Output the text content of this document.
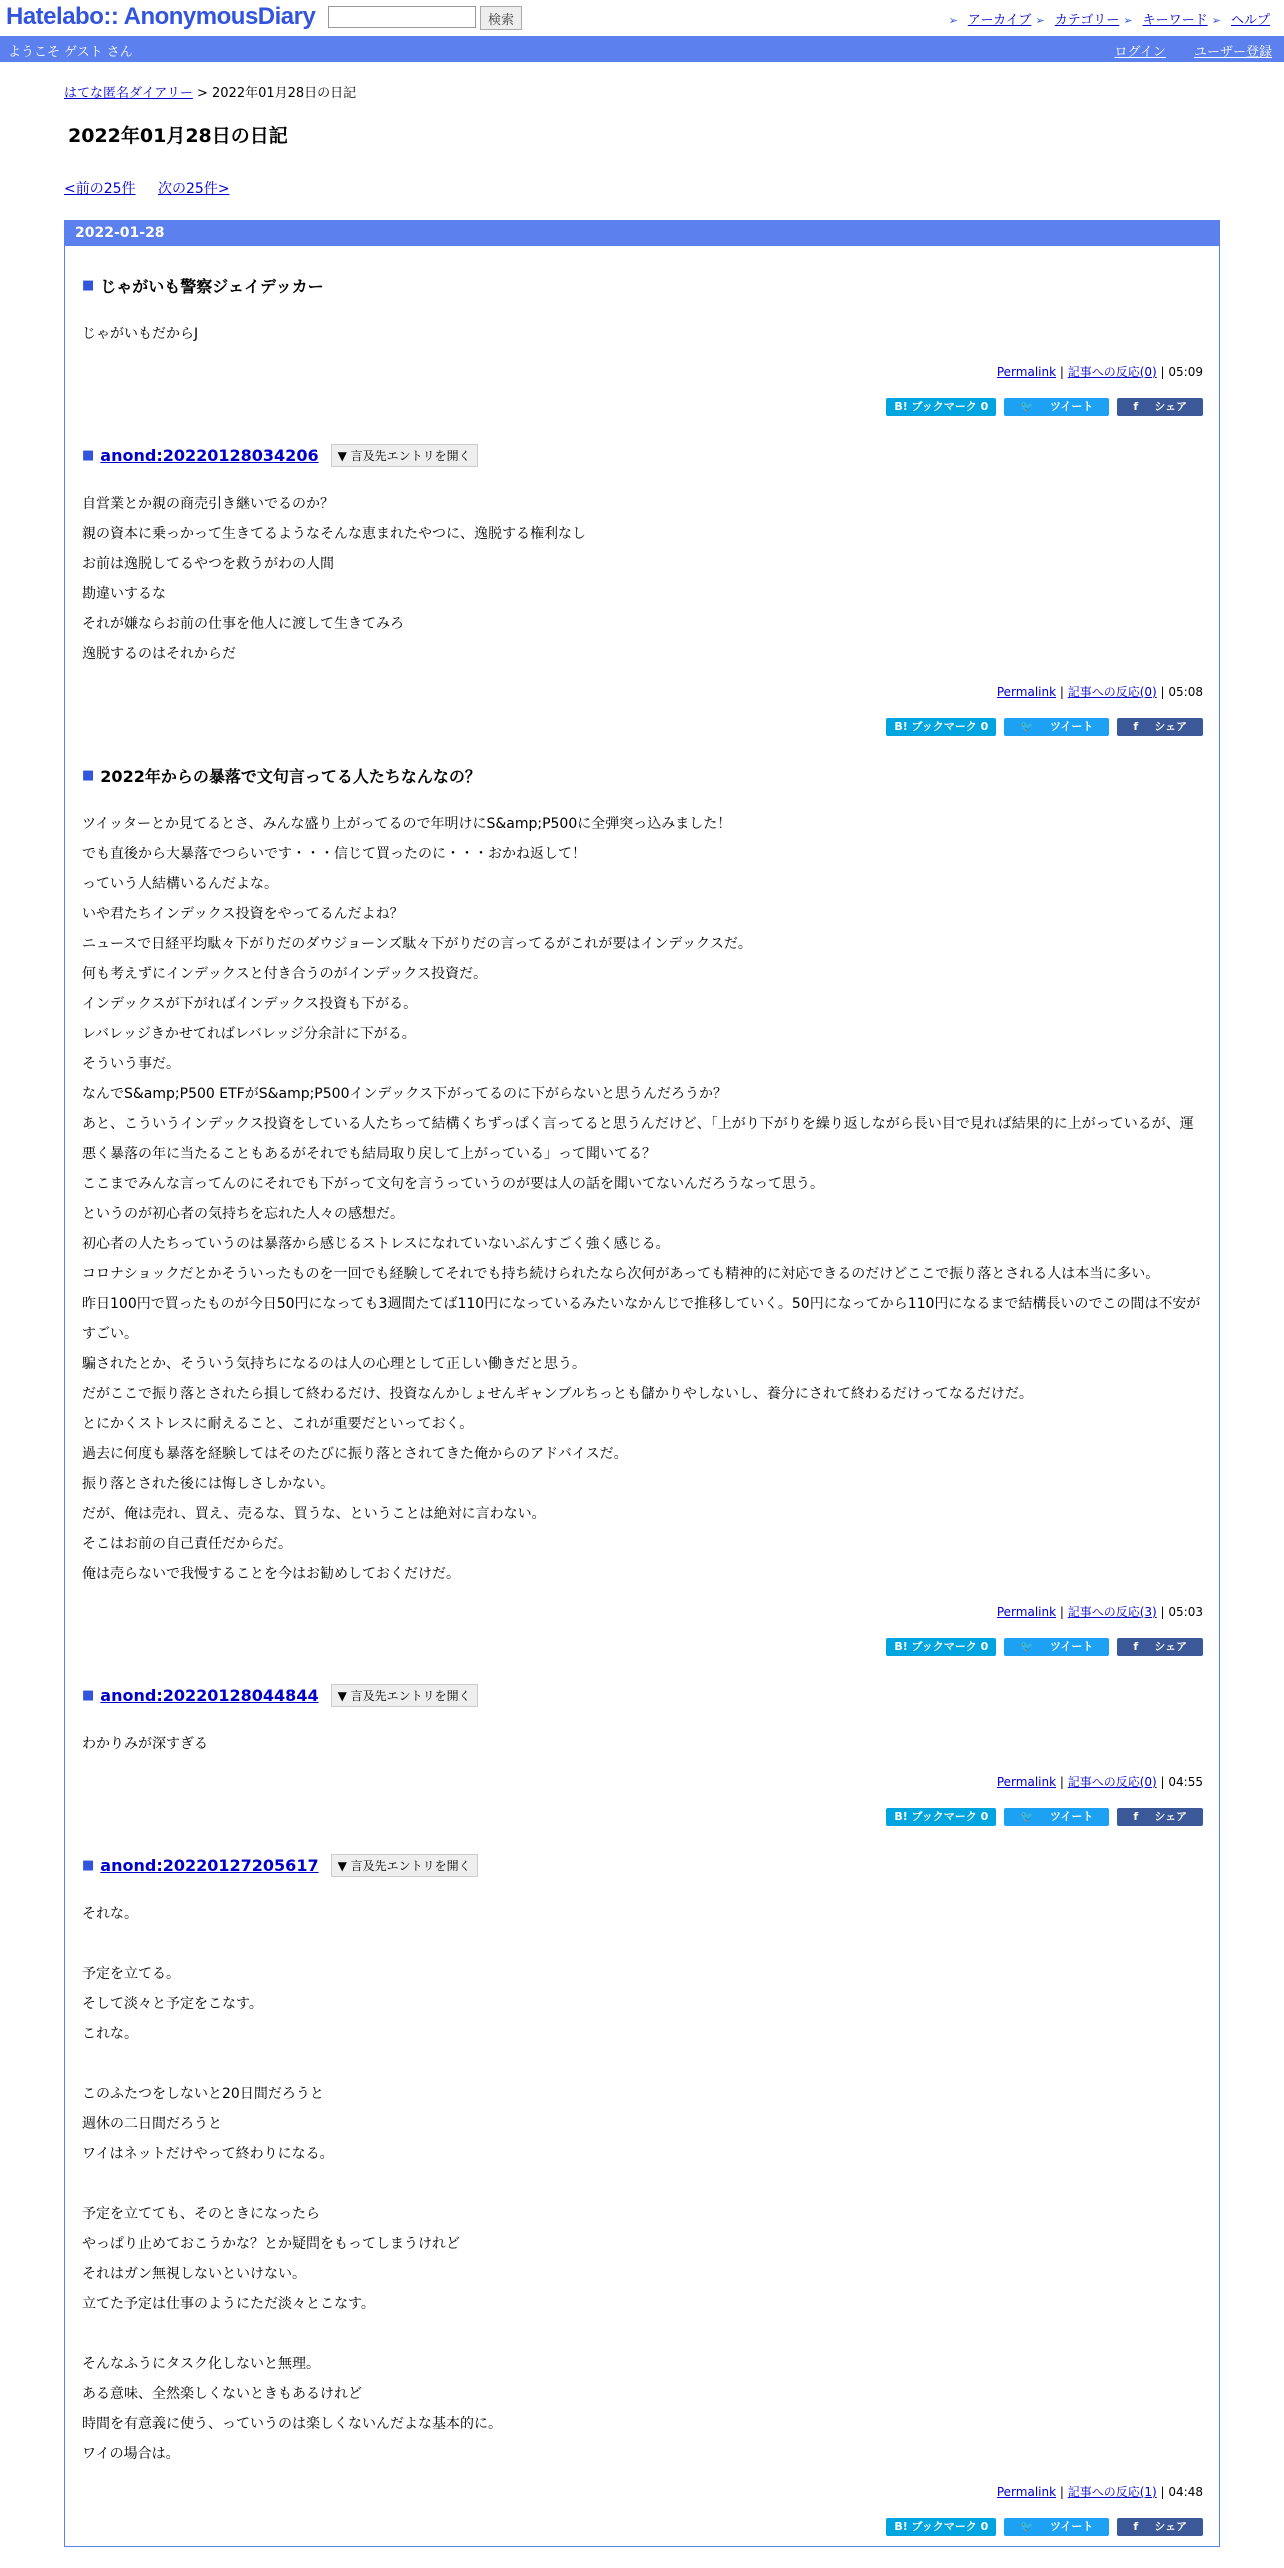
Hatelabo:: AnonymousDiary	検索	➢ アーカイブ ➢ カテゴリー ➢ キーワード ➢ ヘルプ
ようこそ ゲスト さん	ログイン ユーザー登録
はてな匿名ダイアリー > 2022年01月28日の日記
2022年01月28日の日記
<前の25件 次の25件>
2022-01-28
■ じゃがいも警察ジェイデッカー

じゃがいもだからJ

Permalink | 記事への反応(0) | 05:09
B! ブックマーク 0	🐦ツイート	fシェア
■ anond:20220128034206	▼ 言及先エントリを開く

自営業とか親の商売引き継いでるのか？

親の資本に乗っかって生きてるようなそんな恵まれたやつに、逸脱する権利なし

お前は逸脱してるやつを救うがわの人間

勘違いするな

それが嫌ならお前の仕事を他人に渡して生きてみろ

逸脱するのはそれからだ

Permalink | 記事への反応(0) | 05:08
B! ブックマーク 0	🐦ツイート	fシェア
■ 2022年からの暴落で文句言ってる人たちなんなの？

ツイッターとか見てるとさ、みんな盛り上がってるので年明けにS&amp;P500に全弾突っ込みました！

でも直後から大暴落でつらいです・・・信じて買ったのに・・・おかね返して！

っていう人結構いるんだよな。

いや君たちインデックス投資をやってるんだよね？

ニュースで日経平均駄々下がりだのダウジョーンズ駄々下がりだの言ってるがこれが要はインデックスだ。

何も考えずにインデックスと付き合うのがインデックス投資だ。

インデックスが下がればインデックス投資も下がる。

レバレッジきかせてればレバレッジ分余計に下がる。

そういう事だ。

なんでS&amp;P500 ETFがS&amp;P500インデックス下がってるのに下がらないと思うんだろうか？

あと、こういうインデックス投資をしている人たちって結構くちずっぱく言ってると思うんだけど、「上がり下がりを繰り返しながら長い目で見れば結果的に上がっているが、運悪く暴落の年に当たることもあるがそれでも結局取り戻して上がっている」って聞いてる？

ここまでみんな言ってんのにそれでも下がって文句を言うっていうのが要は人の話を聞いてないんだろうなって思う。

というのが初心者の気持ちを忘れた人々の感想だ。

初心者の人たちっていうのは暴落から感じるストレスになれていないぶんすごく強く感じる。

コロナショックだとかそういったものを一回でも経験してそれでも持ち続けられたなら次何があっても精神的に対応できるのだけどここで振り落とされる人は本当に多い。

昨日100円で買ったものが今日50円になっても3週間たてば110円になっているみたいなかんじで推移していく。50円になってから110円になるまで結構長いのでこの間は不安がすごい。

騙されたとか、そういう気持ちになるのは人の心理として正しい働きだと思う。

だがここで振り落とされたら損して終わるだけ、投資なんかしょせんギャンブルちっとも儲かりやしないし、養分にされて終わるだけってなるだけだ。

とにかくストレスに耐えること、これが重要だといっておく。

過去に何度も暴落を経験してはそのたびに振り落とされてきた俺からのアドバイスだ。

振り落とされた後には悔しさしかない。

だが、俺は売れ、買え、売るな、買うな、ということは絶対に言わない。

そこはお前の自己責任だからだ。

俺は売らないで我慢することを今はお勧めしておくだけだ。

Permalink | 記事への反応(3) | 05:03
B! ブックマーク 0	🐦ツイート	fシェア
■ anond:20220128044844	▼ 言及先エントリを開く

わかりみが深すぎる

Permalink | 記事への反応(0) | 04:55
B! ブックマーク 0	🐦ツイート	fシェア
■ anond:20220127205617	▼ 言及先エントリを開く

それな。

予定を立てる。

そして淡々と予定をこなす。

これな。

このふたつをしないと20日間だろうと

週休の二日間だろうと

ワイはネットだけやって終わりになる。

予定を立てても、そのときになったら

やっぱり止めておこうかな？とか疑問をもってしまうけれど

それはガン無視しないといけない。

立てた予定は仕事のようにただ淡々とこなす。

そんなふうにタスク化しないと無理。

ある意味、全然楽しくないときもあるけれど

時間を有意義に使う、っていうのは楽しくないんだよな基本的に。

ワイの場合は。

Permalink | 記事への反応(1) | 04:48
B! ブックマーク 0	🐦ツイート	fシェア
